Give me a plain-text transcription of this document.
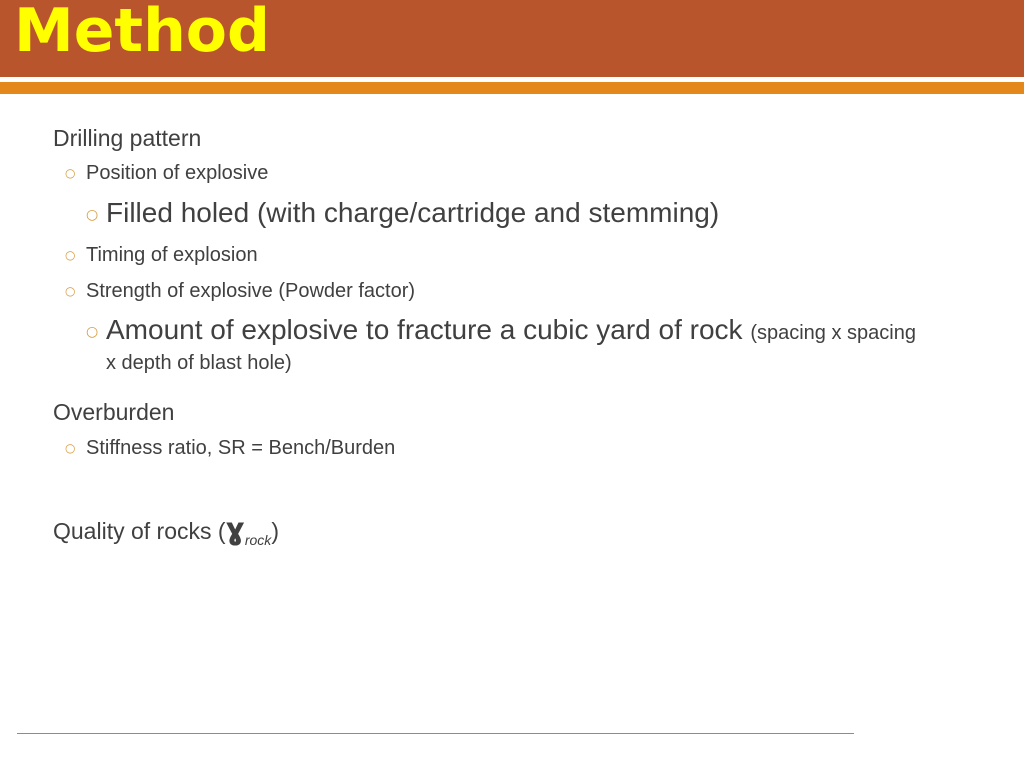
Method
Drilling pattern
○ Position of explosive
○ Filled holed (with charge/cartridge and stemming)
○ Timing of explosion
○ Strength of explosive (Powder factor)
○ Amount of explosive to fracture a cubic yard of rock (spacing x spacing
x depth of blast hole)
Overburden
○ Stiffness ratio, SR = Bench/Burden
Quality of rocks (ɣ$_{rock}$)
